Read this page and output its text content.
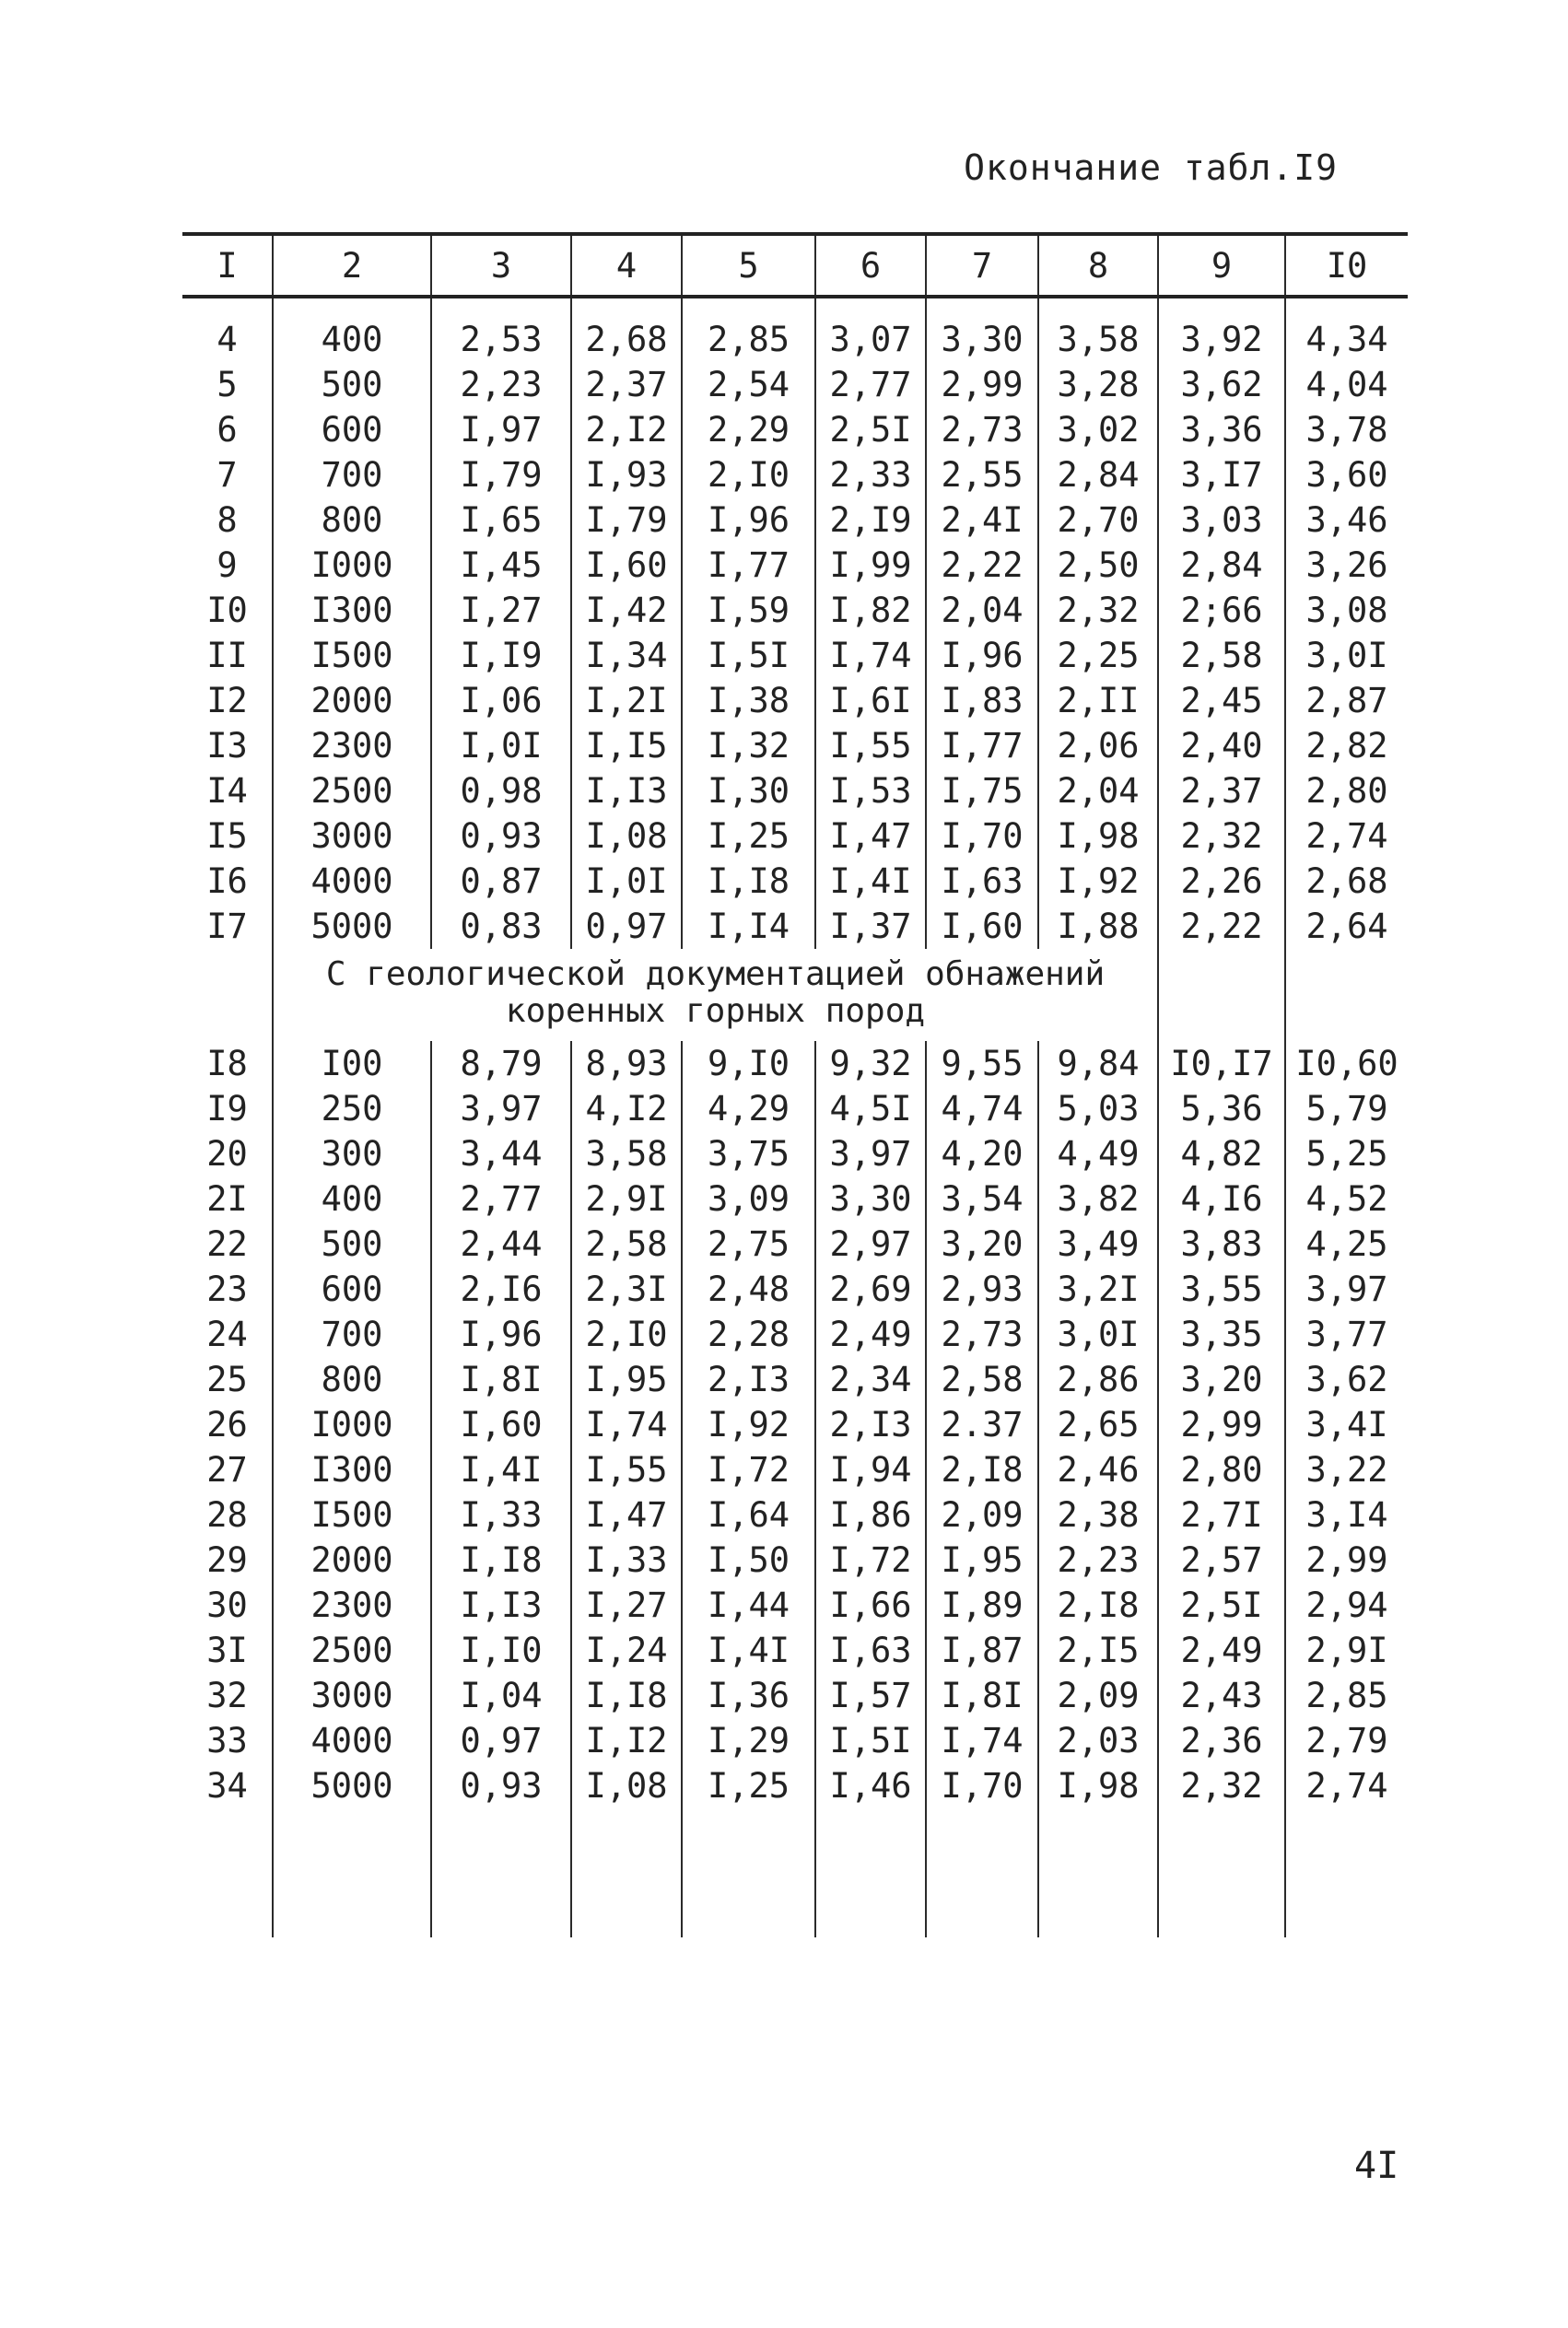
Окончание табл.I9
I	2	3	4	5	6	7	8	9	I0

4	400	2,53	2,68	2,85	3,07	3,30	3,58	3,92	4,34
5	500	2,23	2,37	2,54	2,77	2,99	3,28	3,62	4,04
6	600	I,97	2,I2	2,29	2,5I	2,73	3,02	3,36	3,78
7	700	I,79	I,93	2,I0	2,33	2,55	2,84	3,I7	3,60
8	800	I,65	I,79	I,96	2,I9	2,4I	2,70	3,03	3,46
9	I000	I,45	I,60	I,77	I,99	2,22	2,50	2,84	3,26
I0	I300	I,27	I,42	I,59	I,82	2,04	2,32	2;66	3,08
II	I500	I,I9	I,34	I,5I	I,74	I,96	2,25	2,58	3,0I
I2	2000	I,06	I,2I	I,38	I,6I	I,83	2,II	2,45	2,87
I3	2300	I,0I	I,I5	I,32	I,55	I,77	2,06	2,40	2,82
I4	2500	0,98	I,I3	I,30	I,53	I,75	2,04	2,37	2,80
I5	3000	0,93	I,08	I,25	I,47	I,70	I,98	2,32	2,74
I6	4000	0,87	I,0I	I,I8	I,4I	I,63	I,92	2,26	2,68
I7	5000	0,83	0,97	I,I4	I,37	I,60	I,88	2,22	2,64
	С геологической документацией обнажений коренных горных пород								
I8	I00	8,79	8,93	9,I0	9,32	9,55	9,84	I0,I7	I0,60
I9	250	3,97	4,I2	4,29	4,5I	4,74	5,03	5,36	5,79
20	300	3,44	3,58	3,75	3,97	4,20	4,49	4,82	5,25
2I	400	2,77	2,9I	3,09	3,30	3,54	3,82	4,I6	4,52
22	500	2,44	2,58	2,75	2,97	3,20	3,49	3,83	4,25
23	600	2,I6	2,3I	2,48	2,69	2,93	3,2I	3,55	3,97
24	700	I,96	2,I0	2,28	2,49	2,73	3,0I	3,35	3,77
25	800	I,8I	I,95	2,I3	2,34	2,58	2,86	3,20	3,62
26	I000	I,60	I,74	I,92	2,I3	2.37	2,65	2,99	3,4I
27	I300	I,4I	I,55	I,72	I,94	2,I8	2,46	2,80	3,22
28	I500	I,33	I,47	I,64	I,86	2,09	2,38	2,7I	3,I4
29	2000	I,I8	I,33	I,50	I,72	I,95	2,23	2,57	2,99
30	2300	I,I3	I,27	I,44	I,66	I,89	2,I8	2,5I	2,94
3I	2500	I,I0	I,24	I,4I	I,63	I,87	2,I5	2,49	2,9I
32	3000	I,04	I,I8	I,36	I,57	I,8I	2,09	2,43	2,85
33	4000	0,97	I,I2	I,29	I,5I	I,74	2,03	2,36	2,79
34	5000	0,93	I,08	I,25	I,46	I,70	I,98	2,32	2,74

4I
